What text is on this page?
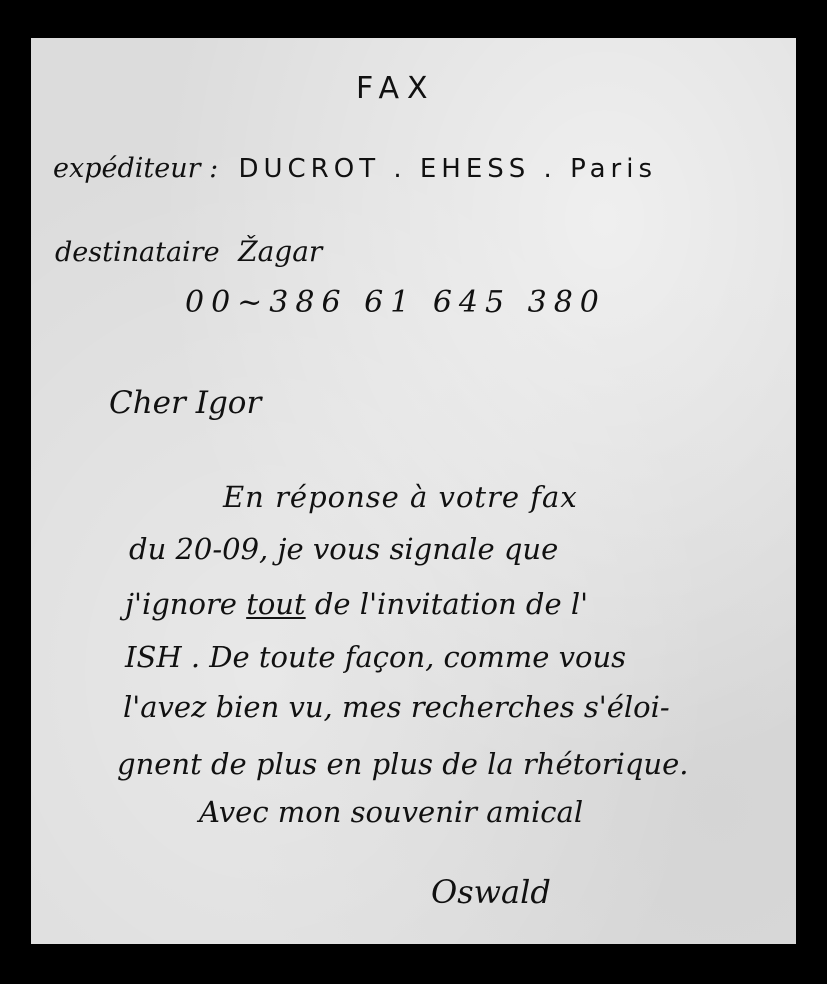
FAX
expéditeur : DUCROT . EHESS . Paris
destinataire Žagar
00~386 61 645 380
Cher Igor
En réponse à votre fax
du 20-09, je vous signale que
j'ignore tout de l'invitation de l'
ISH . De toute façon, comme vous
l'avez bien vu, mes recherches s'éloi-
gnent de plus en plus de la rhétorique.
Avec mon souvenir amical
Oswald
